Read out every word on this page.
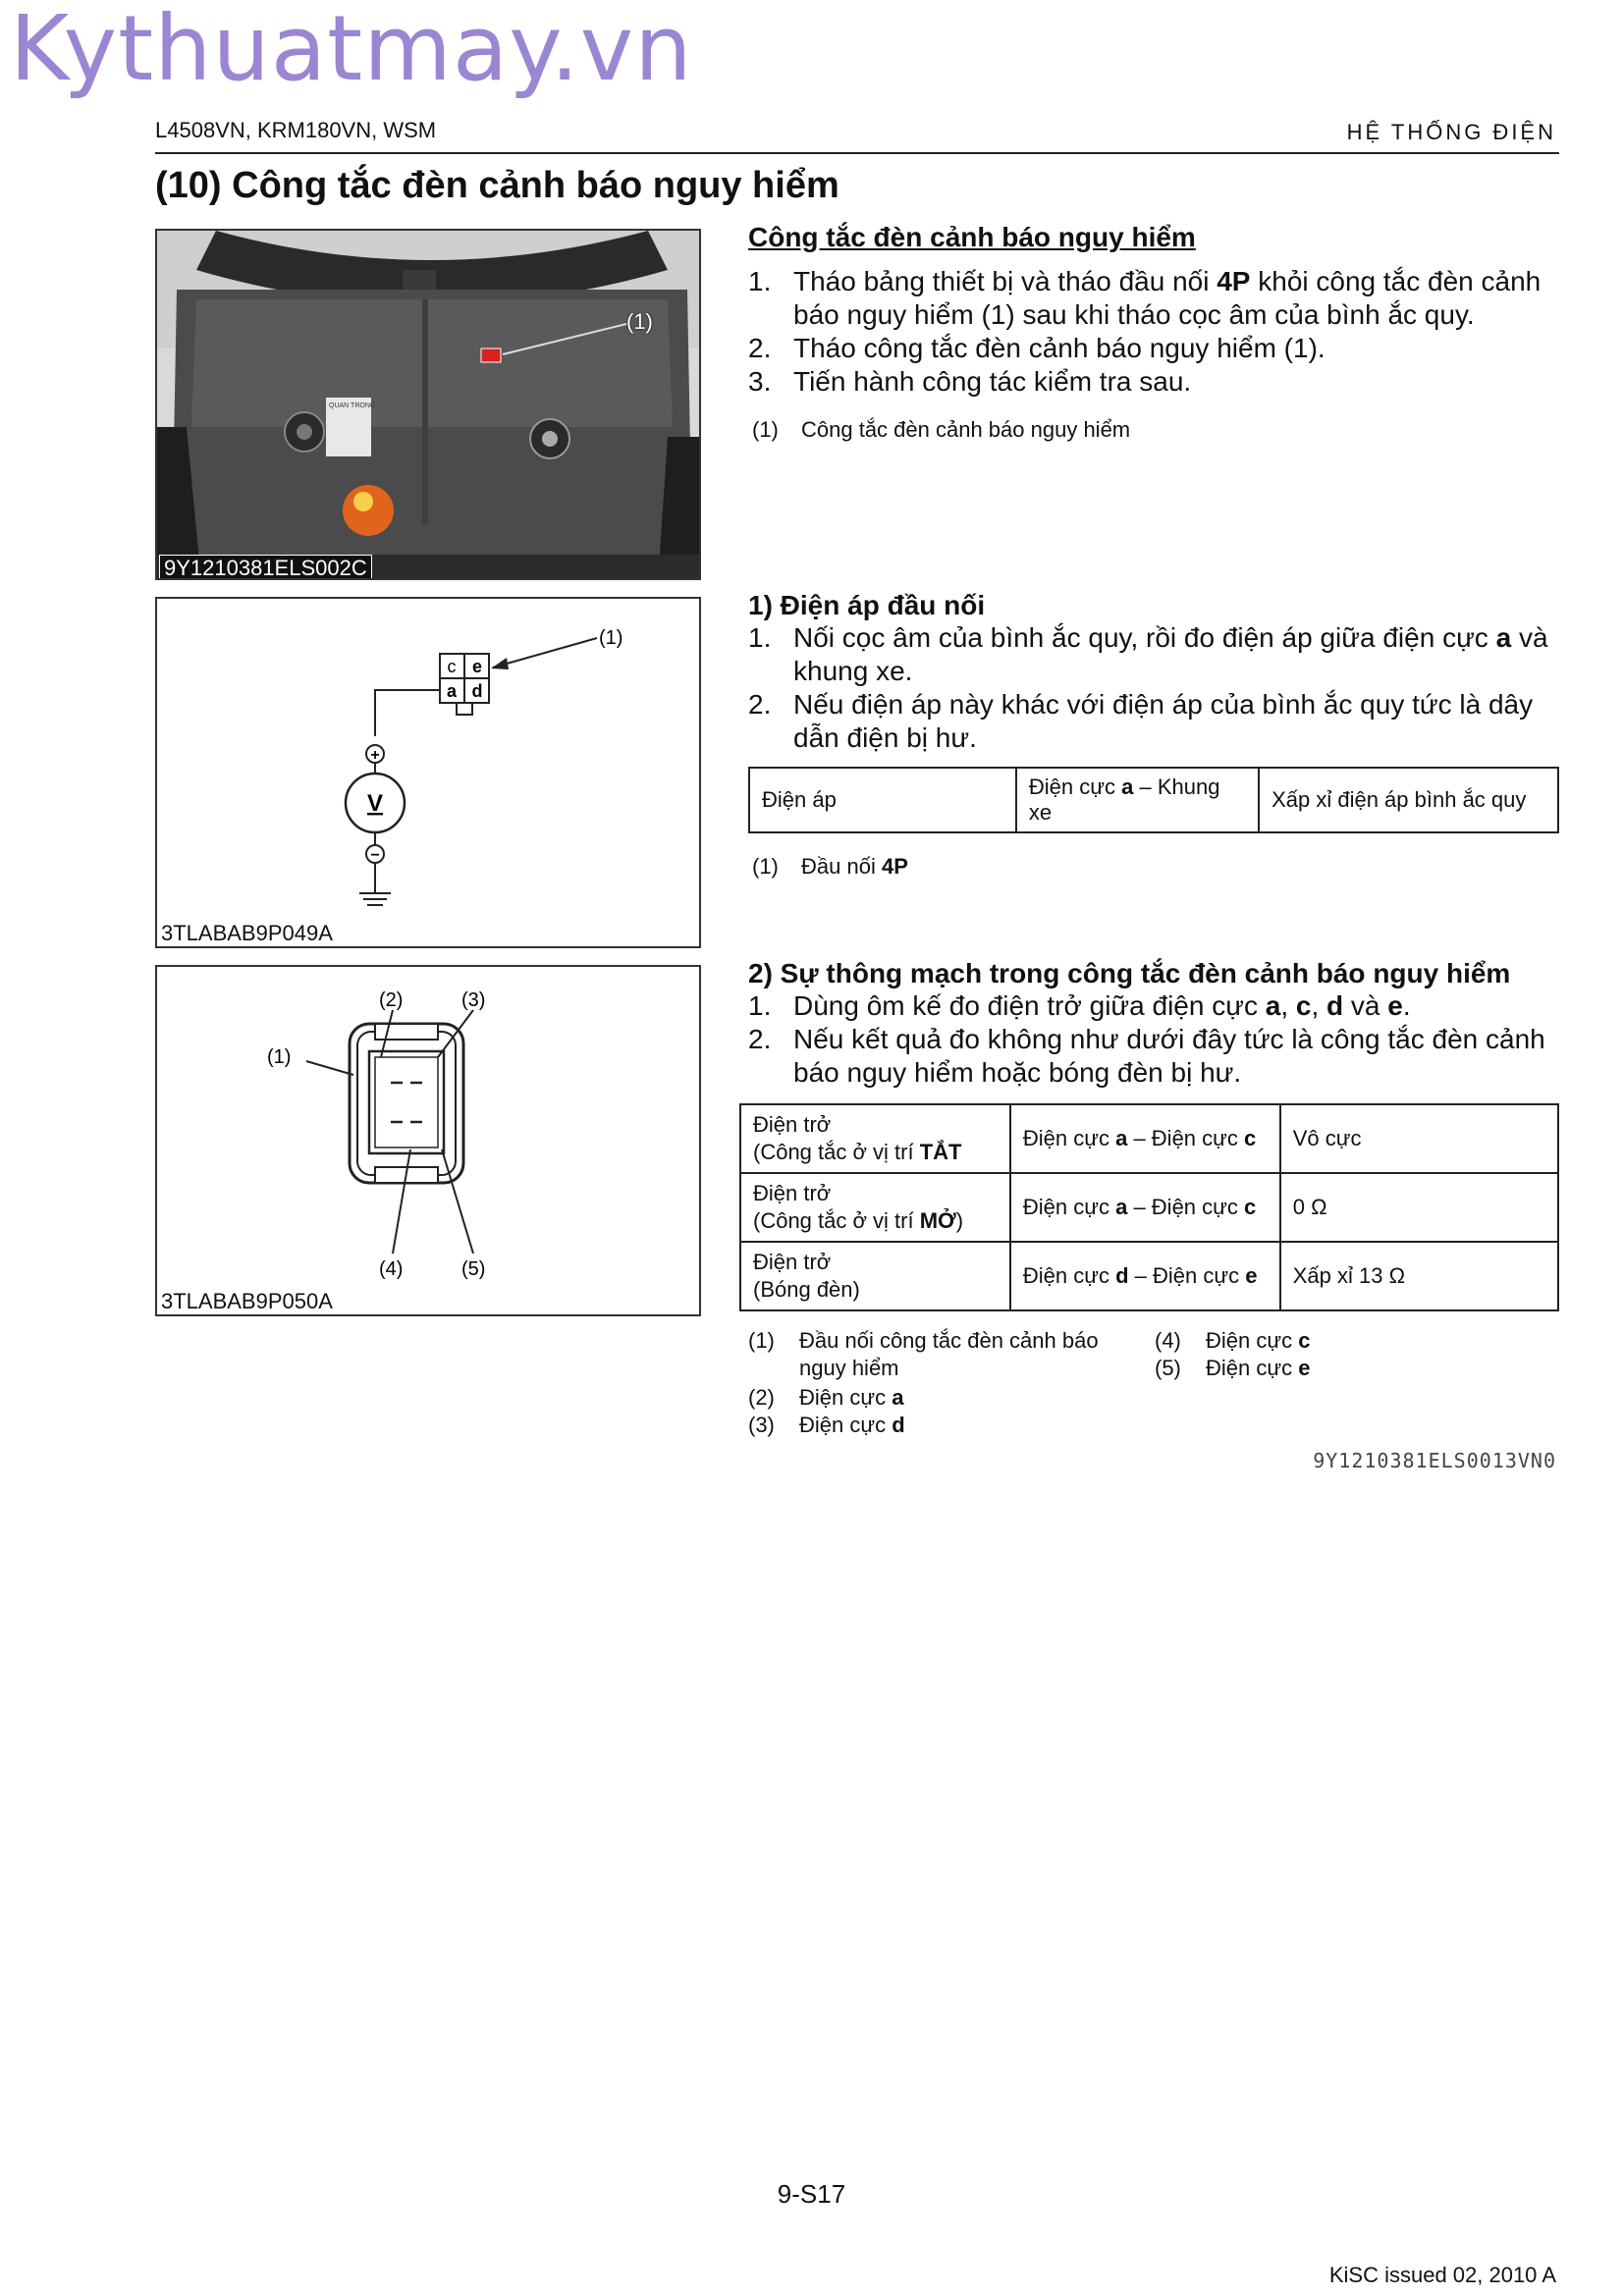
Kythuatmay.vn
L4508VN, KRM180VN, WSM	HỆ THỐNG ĐIỆN
(10) Công tắc đèn cảnh báo nguy hiểm
QUAN TRONG
(1)
9Y1210381ELS002C
c e
a d
+
V
−
(1)
3TLABAB9P049A
(1)
(2)	(3)
(4)	(5)
3TLABAB9P050A
Công tắc đèn cảnh báo nguy hiểm
1. Tháo bảng thiết bị và tháo đầu nối 4P khỏi công tắc đèn cảnh báo nguy hiểm (1) sau khi tháo cọc âm của bình ắc quy.
2. Tháo công tắc đèn cảnh báo nguy hiểm (1).
3. Tiến hành công tác kiểm tra sau.
(1) Công tắc đèn cảnh báo nguy hiểm
1) Điện áp đầu nối
1. Nối cọc âm của bình ắc quy, rồi đo điện áp giữa điện cực a và khung xe.
2. Nếu điện áp này khác với điện áp của bình ắc quy tức là dây dẫn điện bị hư.
Điện áp	Điện cực a – Khung xe	Xấp xỉ điện áp bình ắc quy
(1) Đầu nối 4P
2) Sự thông mạch trong công tắc đèn cảnh báo nguy hiểm
1. Dùng ôm kế đo điện trở giữa điện cực a, c, d và e.
2. Nếu kết quả đo không như dưới đây tức là công tắc đèn cảnh báo nguy hiểm hoặc bóng đèn bị hư.
Điện trở
(Công tắc ở vị trí TẮT	Điện cực a – Điện cực c	Vô cực
Điện trở
(Công tắc ở vị trí MỞ)	Điện cực a – Điện cực c	0 Ω
Điện trở
(Bóng đèn)	Điện cực d – Điện cực e	Xấp xỉ 13 Ω
(1) Đầu nối công tắc đèn cảnh báo nguy hiểm
(2) Điện cực a
(3) Điện cực d
(4) Điện cực c
(5) Điện cực e
9Y1210381ELS0013VN0
9-S17
KiSC issued 02, 2010 A
